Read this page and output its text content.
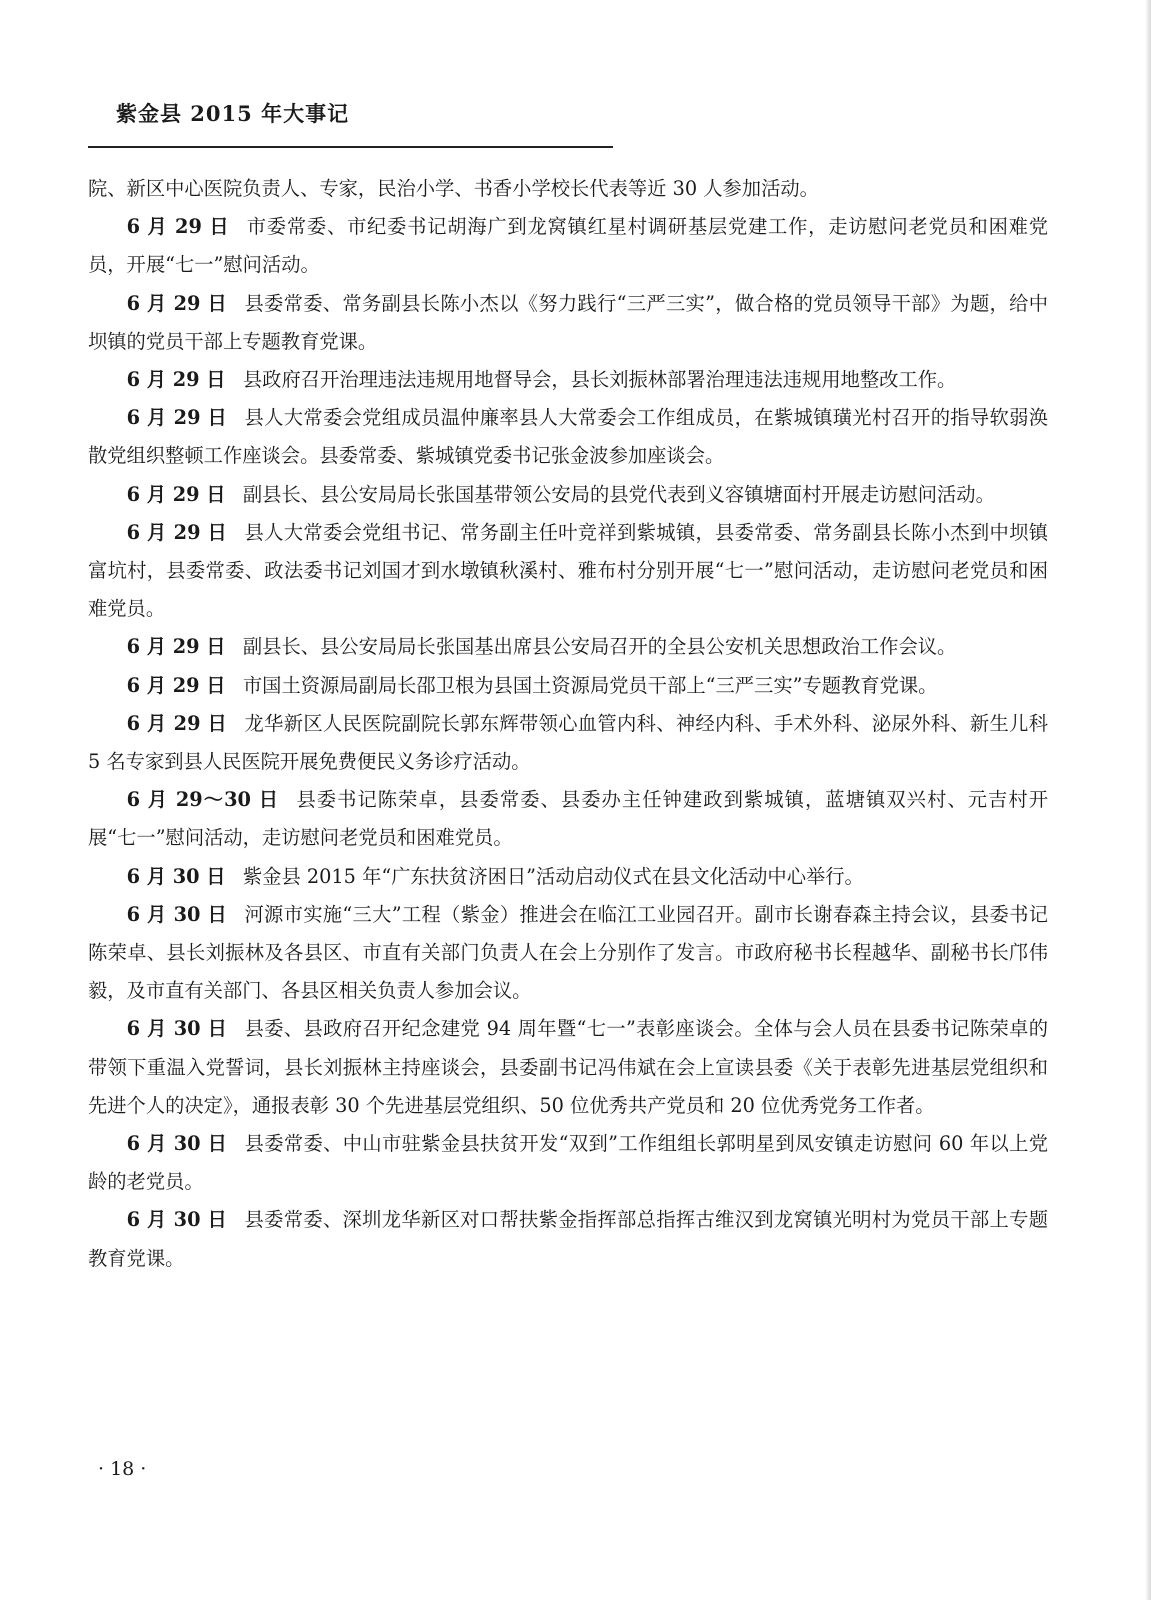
紫金县 2015 年大事记

院、新区中心医院负责人、专家，民治小学、书香小学校长代表等近 30 人参加活动。

6 月 29 日 市委常委、市纪委书记胡海广到龙窝镇红星村调研基层党建工作，走访慰问老党员和困难党员，开展“七一”慰问活动。

6 月 29 日 县委常委、常务副县长陈小杰以《努力践行“三严三实”，做合格的党员领导干部》为题，给中坝镇的党员干部上专题教育党课。

6 月 29 日 县政府召开治理违法违规用地督导会，县长刘振林部署治理违法违规用地整改工作。

6 月 29 日 县人大常委会党组成员温仲廉率县人大常委会工作组成员，在紫城镇璜光村召开的指导软弱涣散党组织整顿工作座谈会。县委常委、紫城镇党委书记张金波参加座谈会。

6 月 29 日 副县长、县公安局局长张国基带领公安局的县党代表到义容镇塘面村开展走访慰问活动。

6 月 29 日 县人大常委会党组书记、常务副主任叶竞祥到紫城镇，县委常委、常务副县长陈小杰到中坝镇富坑村，县委常委、政法委书记刘国才到水墩镇秋溪村、雅布村分别开展“七一”慰问活动，走访慰问老党员和困难党员。

6 月 29 日 副县长、县公安局局长张国基出席县公安局召开的全县公安机关思想政治工作会议。

6 月 29 日 市国土资源局副局长邵卫根为县国土资源局党员干部上“三严三实”专题教育党课。

6 月 29 日 龙华新区人民医院副院长郭东辉带领心血管内科、神经内科、手术外科、泌尿外科、新生儿科 5 名专家到县人民医院开展免费便民义务诊疗活动。

6 月 29～30 日 县委书记陈荣卓，县委常委、县委办主任钟建政到紫城镇，蓝塘镇双兴村、元吉村开展“七一”慰问活动，走访慰问老党员和困难党员。

6 月 30 日 紫金县 2015 年“广东扶贫济困日”活动启动仪式在县文化活动中心举行。

6 月 30 日 河源市实施“三大”工程（紫金）推进会在临江工业园召开。副市长谢春森主持会议，县委书记陈荣卓、县长刘振林及各县区、市直有关部门负责人在会上分别作了发言。市政府秘书长程越华、副秘书长邝伟毅，及市直有关部门、各县区相关负责人参加会议。

6 月 30 日 县委、县政府召开纪念建党 94 周年暨“七一”表彰座谈会。全体与会人员在县委书记陈荣卓的带领下重温入党誓词，县长刘振林主持座谈会，县委副书记冯伟斌在会上宣读县委《关于表彰先进基层党组织和先进个人的决定》，通报表彰 30 个先进基层党组织、50 位优秀共产党员和 20 位优秀党务工作者。

6 月 30 日 县委常委、中山市驻紫金县扶贫开发“双到”工作组组长郭明星到凤安镇走访慰问 60 年以上党龄的老党员。

6 月 30 日 县委常委、深圳龙华新区对口帮扶紫金指挥部总指挥古维汉到龙窝镇光明村为党员干部上专题教育党课。

· 18 ·
